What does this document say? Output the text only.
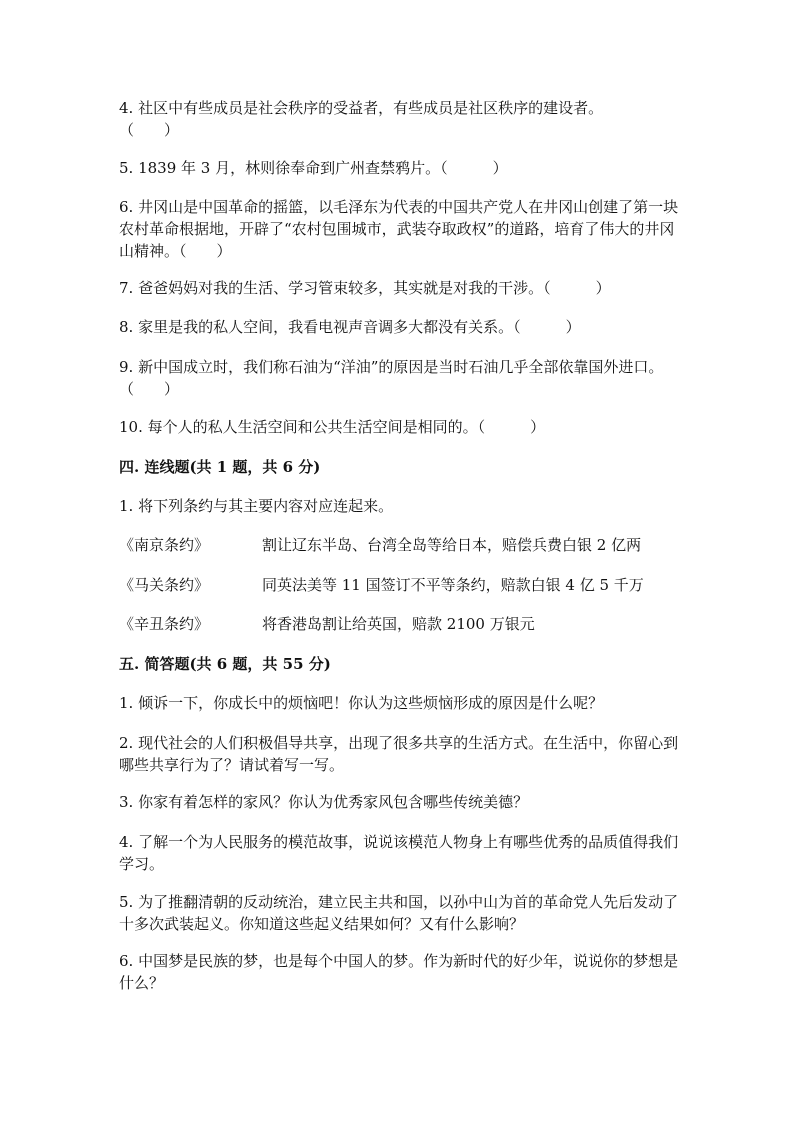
4. 社区中有些成员是社会秩序的受益者，有些成员是社区秩序的建设者。
（　　）

5. 1839 年 3 月，林则徐奉命到广州查禁鸦片。（　　　）

6. 井冈山是中国革命的摇篮，以毛泽东为代表的中国共产党人在井冈山创建了第一块农村革命根据地，开辟了“农村包围城市，武装夺取政权”的道路，培育了伟大的井冈山精神。（　　）

7. 爸爸妈妈对我的生活、学习管束较多，其实就是对我的干涉。（　　　）

8. 家里是我的私人空间，我看电视声音调多大都没有关系。（　　　）

9. 新中国成立时，我们称石油为“洋油”的原因是当时石油几乎全部依靠国外进口。（　　）

10. 每个人的私人生活空间和公共生活空间是相同的。（　　　）

四. 连线题(共 1 题，共 6 分)

1. 将下列条约与其主要内容对应连起来。

《南京条约》	割让辽东半岛、台湾全岛等给日本，赔偿兵费白银 2 亿两
《马关条约》	同英法美等 11 国签订不平等条约，赔款白银 4 亿 5 千万
《辛丑条约》	将香港岛割让给英国，赔款 2100 万银元

五. 简答题(共 6 题，共 55 分)

1. 倾诉一下，你成长中的烦恼吧！你认为这些烦恼形成的原因是什么呢？

2. 现代社会的人们积极倡导共享，出现了很多共享的生活方式。在生活中，你留心到哪些共享行为了？请试着写一写。

3. 你家有着怎样的家风？你认为优秀家风包含哪些传统美德？

4. 了解一个为人民服务的模范故事，说说该模范人物身上有哪些优秀的品质值得我们学习。

5. 为了推翻清朝的反动统治，建立民主共和国，以孙中山为首的革命党人先后发动了十多次武装起义。你知道这些起义结果如何？又有什么影响？

6. 中国梦是民族的梦，也是每个中国人的梦。作为新时代的好少年，说说你的梦想是什么？
